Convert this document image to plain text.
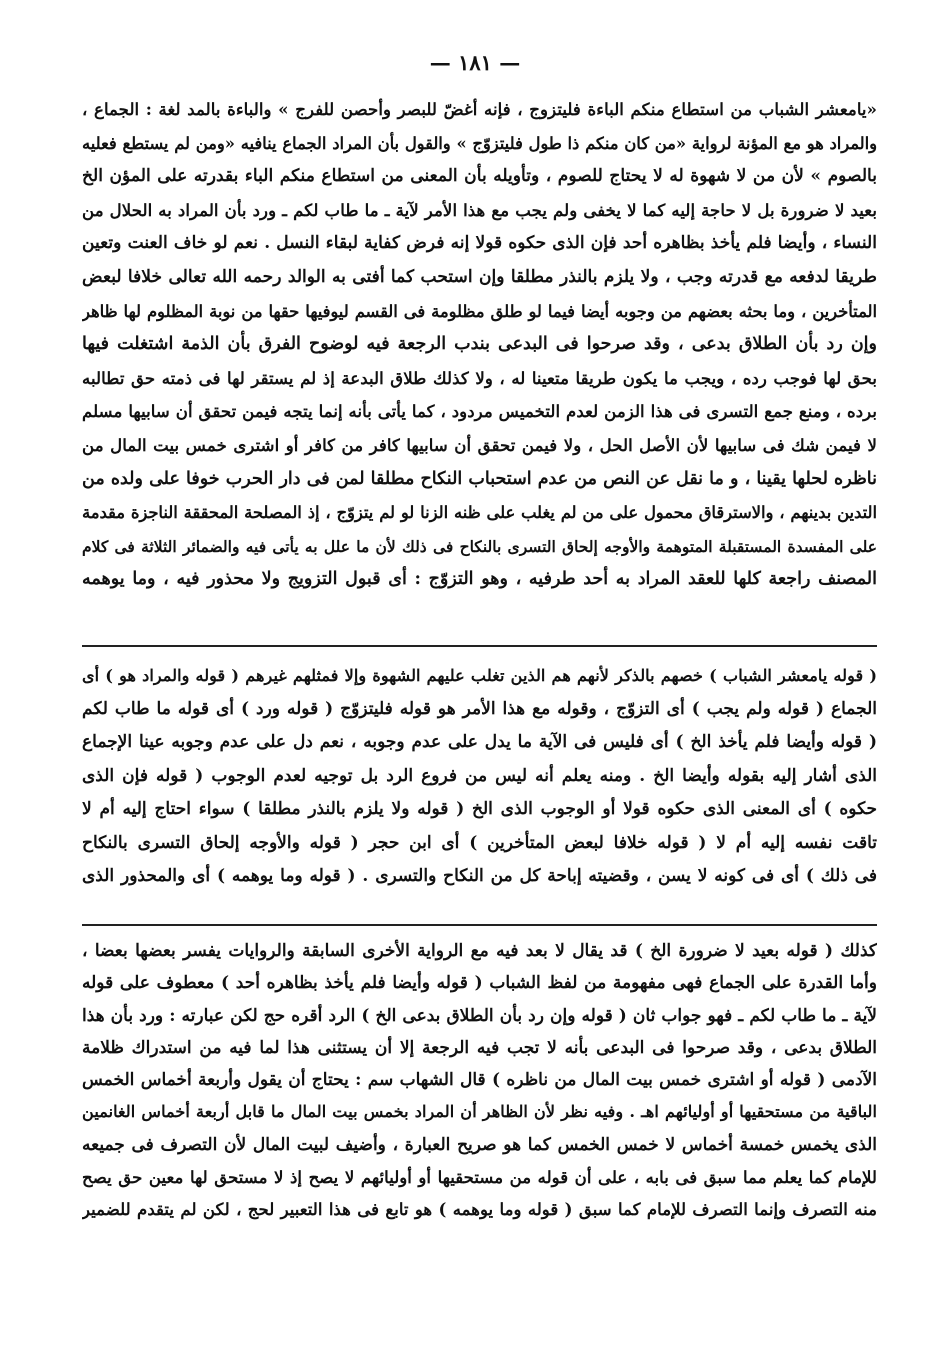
— ١٨١ —
«يامعشر الشباب من استطاع منكم الباءة فليتزوج ، فإنه أغضّ للبصر وأحصن للفرج » والباءة بالمد لغة : الجماع ،
والمراد هو مع المؤنة لرواية «من كان منكم ذا طول فليتزوّج » والقول بأن المراد الجماع ينافيه «ومن لم يستطع فعليه
بالصوم » لأن من لا شهوة له لا يحتاج للصوم ، وتأويله بأن المعنى من استطاع منكم الباء بقدرته على المؤن الخ
بعيد لا ضرورة بل لا حاجة إليه كما لا يخفى ولم يجب مع هذا الأمر لآية ـ ما طاب لكم ـ ورد بأن المراد به الحلال من
النساء ، وأيضا فلم يأخذ بظاهره أحد فإن الذى حكوه قولا إنه فرض كفاية لبقاء النسل . نعم لو خاف العنت وتعين
طريقا لدفعه مع قدرته وجب ، ولا يلزم بالنذر مطلقا وإن استحب كما أفتى به الوالد رحمه الله تعالى خلافا لبعض
المتأخرين ، وما بحثه بعضهم من وجوبه أيضا فيما لو طلق مظلومة فى القسم ليوفيها حقها من نوبة المظلوم لها ظاهر
وإن رد بأن الطلاق بدعى ، وقد صرحوا فى البدعى بندب الرجعة فيه لوضوح الفرق بأن الذمة اشتغلت فيها
بحق لها فوجب رده ، ويجب ما يكون طريقا متعينا له ، ولا كذلك طلاق البدعة إذ لم يستقر لها فى ذمته حق تطالبه
برده ، ومنع جمع التسرى فى هذا الزمن لعدم التخميس مردود ، كما يأتى بأنه إنما يتجه فيمن تحقق أن سابيها مسلم
لا فيمن شك فى سابيها لأن الأصل الحل ، ولا فيمن تحقق أن سابيها كافر من كافر أو اشترى خمس بيت المال من
ناظره لحلها يقينا ، و ما نقل عن النص من عدم استحباب النكاح مطلقا لمن فى دار الحرب خوفا على ولده من
التدين بدينهم ، والاسترقاق محمول على من لم يغلب على ظنه الزنا لو لم يتزوّج ، إذ المصلحة المحققة الناجزة مقدمة
على المفسدة المستقبلة المتوهمة والأوجه إلحاق التسرى بالنكاح فى ذلك لأن ما علل به يأتى فيه والضمائر الثلاثة فى كلام
المصنف راجعة كلها للعقد المراد به أحد طرفيه ، وهو التزوّج : أى قبول التزويج ولا محذور فيه ، وما يوهمه
( قوله يامعشر الشباب ) خصهم بالذكر لأنهم هم الذين تغلب عليهم الشهوة وإلا فمثلهم غيرهم ( قوله والمراد هو ) أى
الجماع ( قوله ولم يجب ) أى التزوّج ، وقوله مع هذا الأمر هو قوله فليتزوّج ( قوله ورد ) أى قوله ما طاب لكم
( قوله وأيضا فلم يأخذ الخ ) أى فليس فى الآية ما يدل على عدم وجوبه ، نعم دل على عدم وجوبه عينا الإجماع
الذى أشار إليه بقوله وأيضا الخ . ومنه يعلم أنه ليس من فروع الرد بل توجيه لعدم الوجوب ( قوله فإن الذى
حكوه ) أى المعنى الذى حكوه قولا أو الوجوب الذى الخ ( قوله ولا يلزم بالنذر مطلقا ) سواء احتاج إليه أم لا
تاقت نفسه إليه أم لا ( قوله خلافا لبعض المتأخرين ) أى ابن حجر ( قوله والأوجه إلحاق التسرى بالنكاح
فى ذلك ) أى فى كونه لا يسن ، وقضيته إباحة كل من النكاح والتسرى . ( قوله وما يوهمه ) أى والمحذور الذى
كذلك ( قوله بعيد لا ضرورة الخ ) قد يقال لا بعد فيه مع الرواية الأخرى السابقة والروايات يفسر بعضها بعضا ،
وأما القدرة على الجماع فهى مفهومة من لفظ الشباب ( قوله وأيضا فلم يأخذ بظاهره أحد ) معطوف على قوله
لآية ـ ما طاب لكم ـ فهو جواب ثان ( قوله وإن رد بأن الطلاق بدعى الخ ) الرد أقره حج لكن عبارته : ورد بأن هذا
الطلاق بدعى ، وقد صرحوا فى البدعى بأنه لا تجب فيه الرجعة إلا أن يستثنى هذا لما فيه من استدراك ظلامة
الآدمى ( قوله أو اشترى خمس بيت المال من ناظره ) قال الشهاب سم : يحتاج أن يقول وأربعة أخماس الخمس
الباقية من مستحقيها أو أوليائهم اهـ . وفيه نظر لأن الظاهر أن المراد بخمس بيت المال ما قابل أربعة أخماس الغانمين
الذى يخمس خمسة أخماس لا خمس الخمس كما هو صريح العبارة ، وأضيف لبيت المال لأن التصرف فى جميعه
للإمام كما يعلم مما سبق فى بابه ، على أن قوله من مستحقيها أو أوليائهم لا يصح إذ لا مستحق لها معين حق يصح
منه التصرف وإنما التصرف للإمام كما سبق ( قوله وما يوهمه ) هو تابع فى هذا التعبير لحج ، لكن لم يتقدم للضمير
